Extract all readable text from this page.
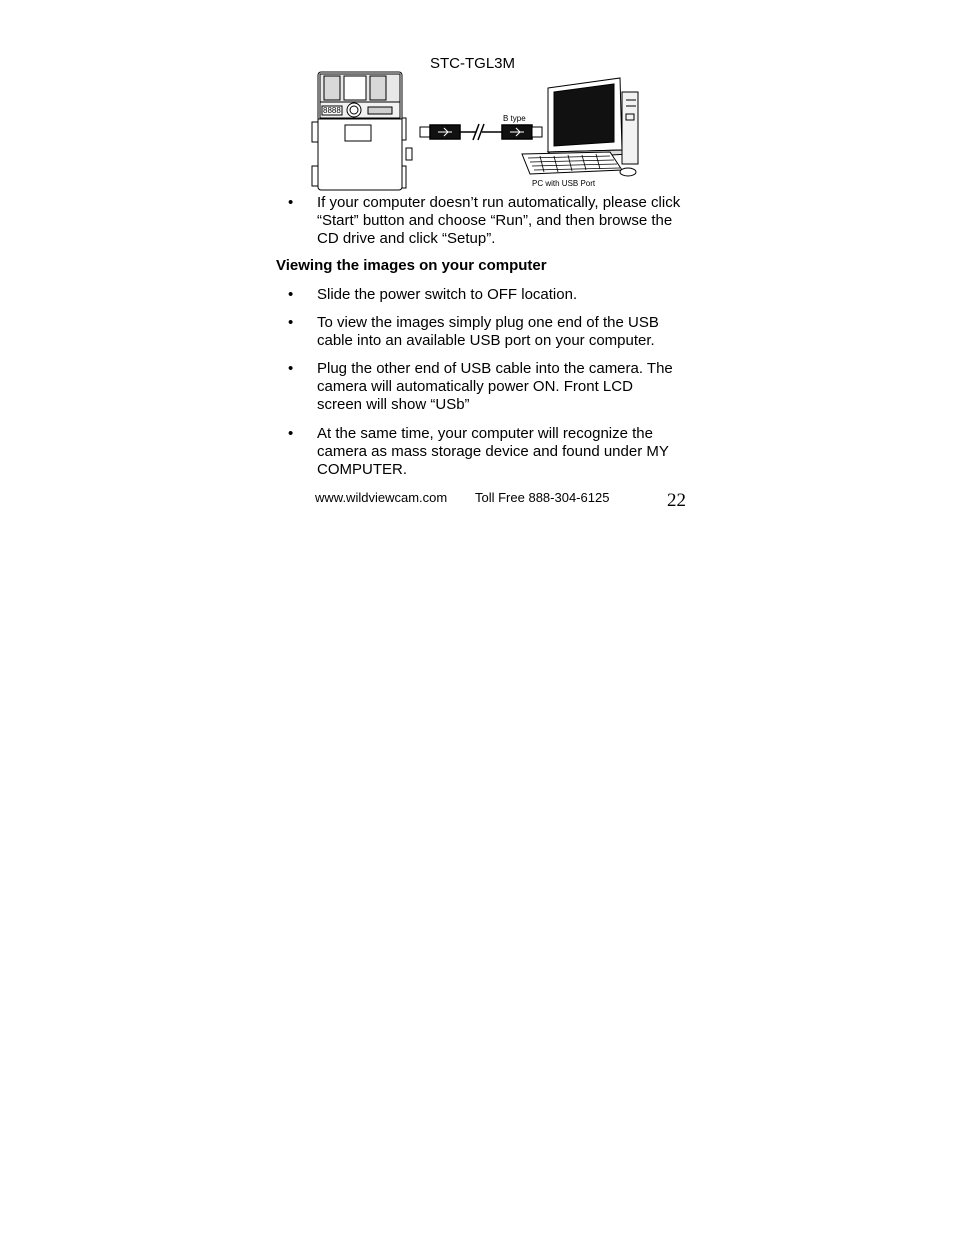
STC-TGL3M
8888
B type
PC with USB Port
• If your computer doesn’t run automatically, please click “Start” button and choose “Run”, and then browse the CD drive and click “Setup”.
Viewing the images on your computer
• Slide the power switch to OFF location.
• To view the images simply plug one end of the USB cable into an available USB port on your computer.
• Plug the other end of USB cable into the camera. The camera will automatically power ON. Front LCD screen will show “USb”
• At the same time, your computer will recognize the camera as mass storage device and found under MY COMPUTER.
www.wildviewcam.com Toll Free 888-304-6125	22
